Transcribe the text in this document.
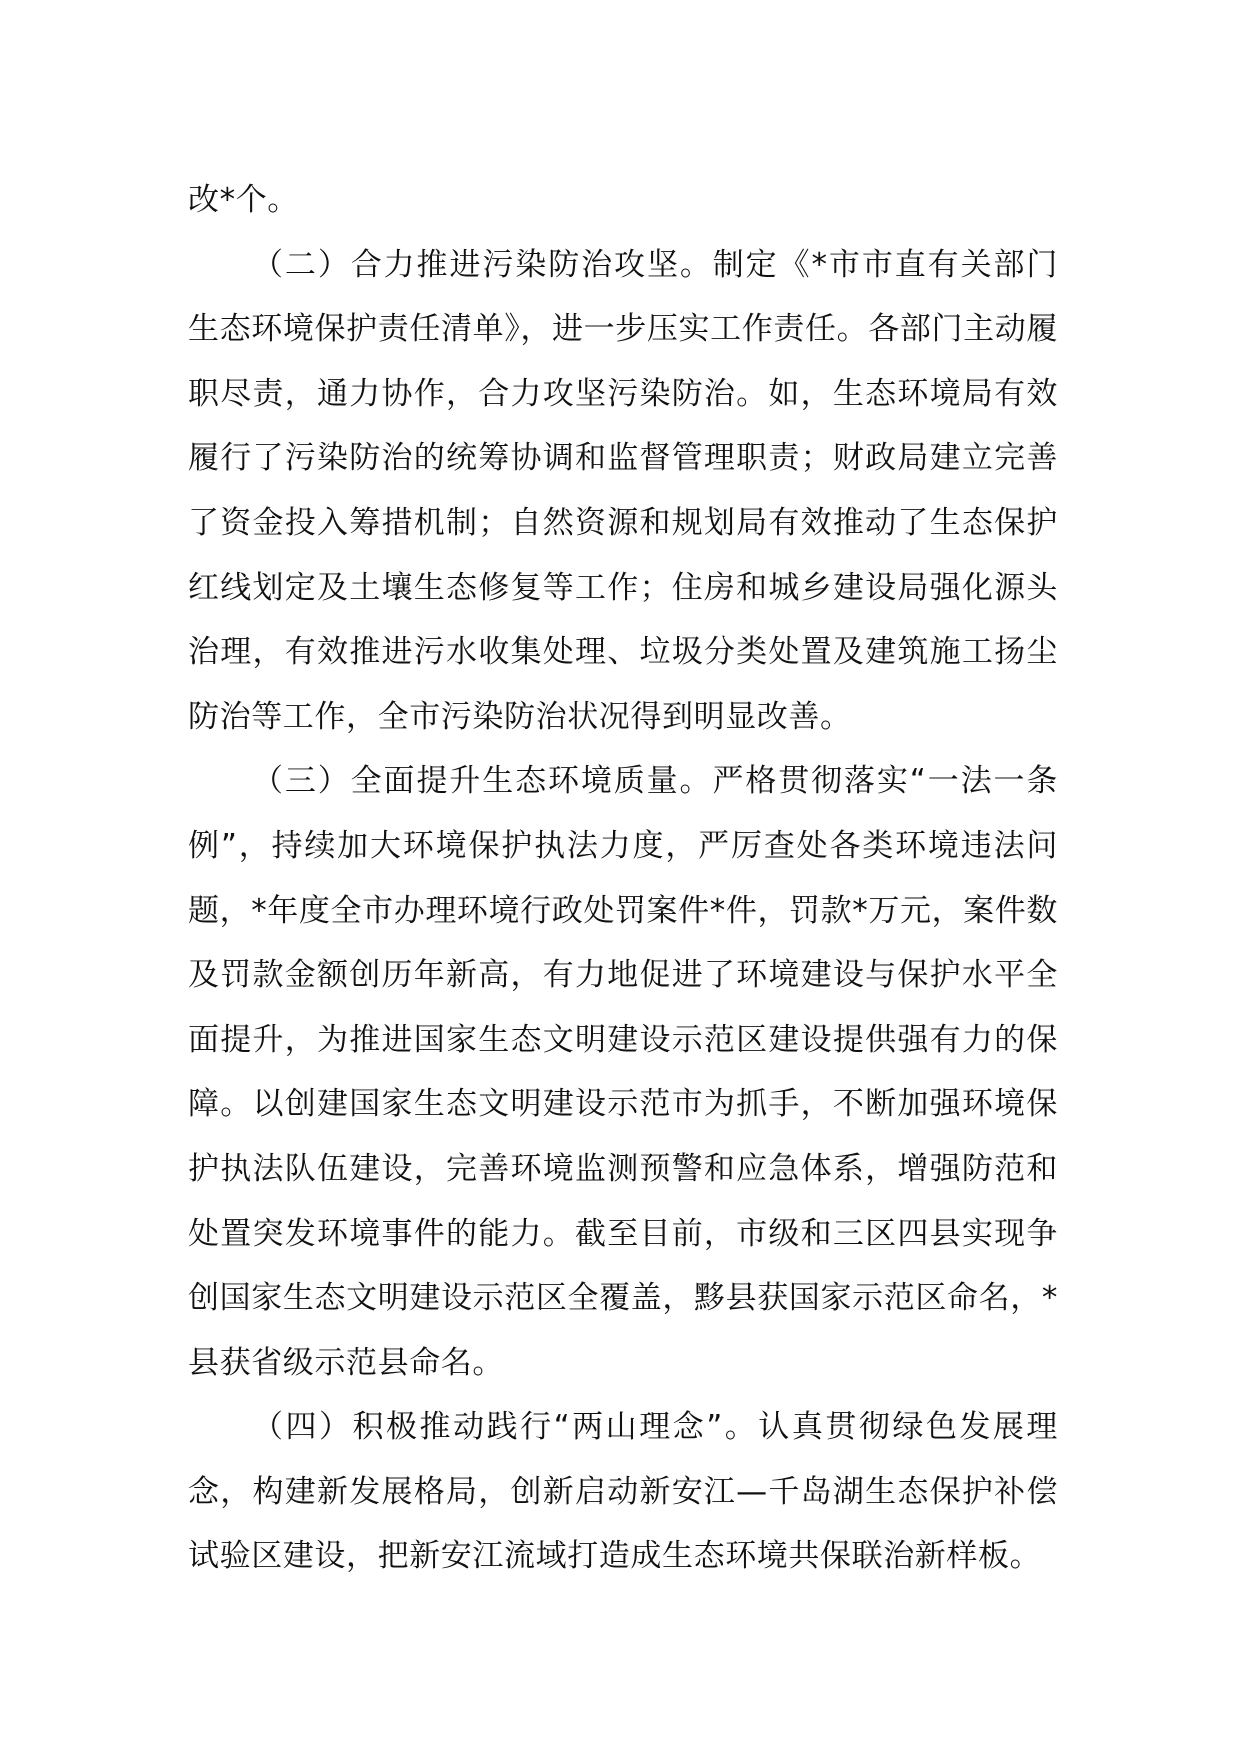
改*个。

（二）合力推进污染防治攻坚。制定《*市市直有关部门生态环境保护责任清单》，进一步压实工作责任。各部门主动履职尽责，通力协作，合力攻坚污染防治。如，生态环境局有效履行了污染防治的统筹协调和监督管理职责；财政局建立完善了资金投入筹措机制；自然资源和规划局有效推动了生态保护红线划定及土壤生态修复等工作；住房和城乡建设局强化源头治理，有效推进污水收集处理、垃圾分类处置及建筑施工扬尘防治等工作，全市污染防治状况得到明显改善。

（三）全面提升生态环境质量。严格贯彻落实“一法一条例”，持续加大环境保护执法力度，严厉查处各类环境违法问题，*年度全市办理环境行政处罚案件*件，罚款*万元，案件数及罚款金额创历年新高，有力地促进了环境建设与保护水平全面提升，为推进国家生态文明建设示范区建设提供强有力的保障。以创建国家生态文明建设示范市为抓手，不断加强环境保护执法队伍建设，完善环境监测预警和应急体系，增强防范和处置突发环境事件的能力。截至目前，市级和三区四县实现争创国家生态文明建设示范区全覆盖，黟县获国家示范区命名，*县获省级示范县命名。

（四）积极推动践行“两山理念”。认真贯彻绿色发展理念，构建新发展格局，创新启动新安江—千岛湖生态保护补偿试验区建设，把新安江流域打造成生态环境共保联治新样板。
